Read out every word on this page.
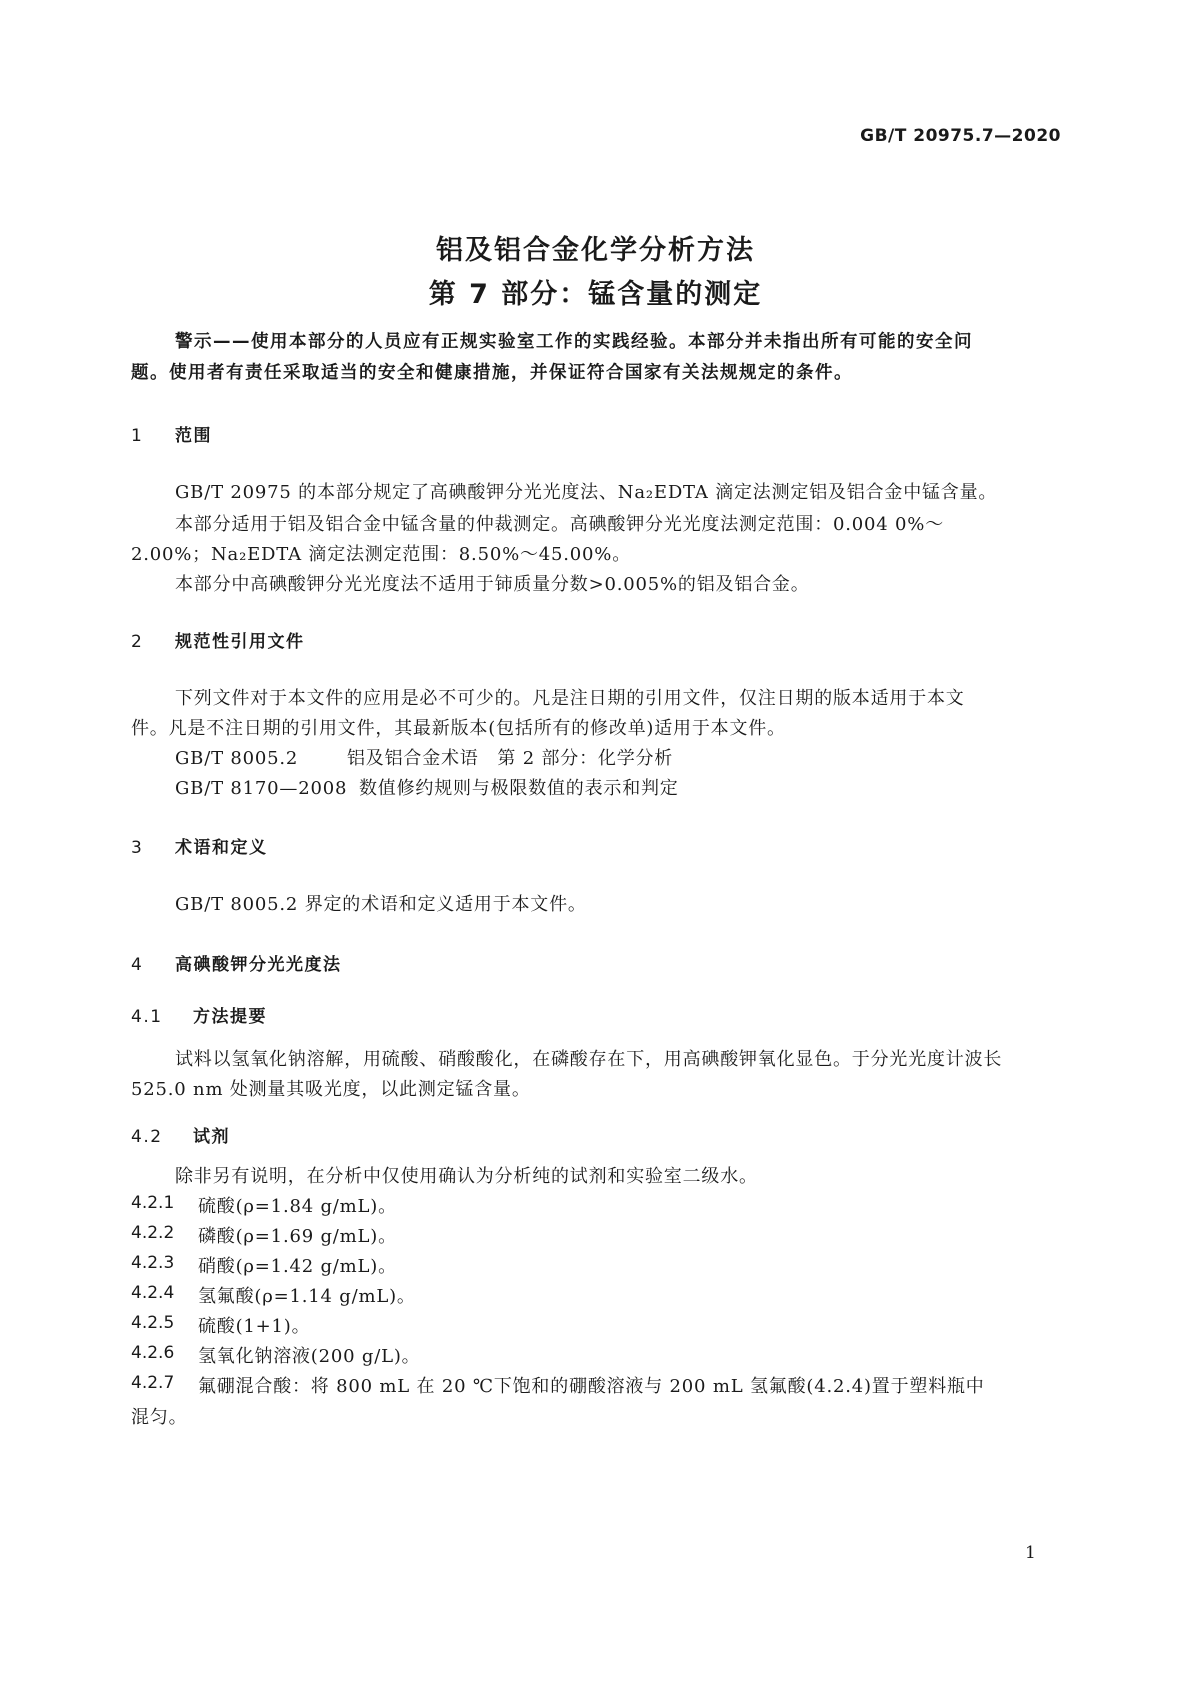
GB/T 20975.7—2020
铝及铝合金化学分析方法
第 7 部分：锰含量的测定
警示——使用本部分的人员应有正规实验室工作的实践经验。本部分并未指出所有可能的安全问
题。使用者有责任采取适当的安全和健康措施，并保证符合国家有关法规规定的条件。
1 范围
GB/T 20975 的本部分规定了高碘酸钾分光光度法、Na₂EDTA 滴定法测定铝及铝合金中锰含量。
本部分适用于铝及铝合金中锰含量的仲裁测定。高碘酸钾分光光度法测定范围：0.004 0%～
2.00%；Na₂EDTA 滴定法测定范围：8.50%～45.00%。
本部分中高碘酸钾分光光度法不适用于铈质量分数>0.005%的铝及铝合金。
2 规范性引用文件
下列文件对于本文件的应用是必不可少的。凡是注日期的引用文件，仅注日期的版本适用于本文
件。凡是不注日期的引用文件，其最新版本(包括所有的修改单)适用于本文件。
GB/T 8005.2	铝及铝合金术语　第 2 部分：化学分析
GB/T 8170—2008 数值修约规则与极限数值的表示和判定
3 术语和定义
GB/T 8005.2 界定的术语和定义适用于本文件。
4 高碘酸钾分光光度法
4.1 方法提要
试料以氢氧化钠溶解，用硫酸、硝酸酸化，在磷酸存在下，用高碘酸钾氧化显色。于分光光度计波长
525.0 nm 处测量其吸光度，以此测定锰含量。
4.2 试剂
除非另有说明，在分析中仅使用确认为分析纯的试剂和实验室二级水。
4.2.1 硫酸(ρ=1.84 g/mL)。
4.2.2 磷酸(ρ=1.69 g/mL)。
4.2.3 硝酸(ρ=1.42 g/mL)。
4.2.4 氢氟酸(ρ=1.14 g/mL)。
4.2.5 硫酸(1+1)。
4.2.6 氢氧化钠溶液(200 g/L)。
4.2.7 氟硼混合酸：将 800 mL 在 20 ℃下饱和的硼酸溶液与 200 mL 氢氟酸(4.2.4)置于塑料瓶中
混匀。
1
